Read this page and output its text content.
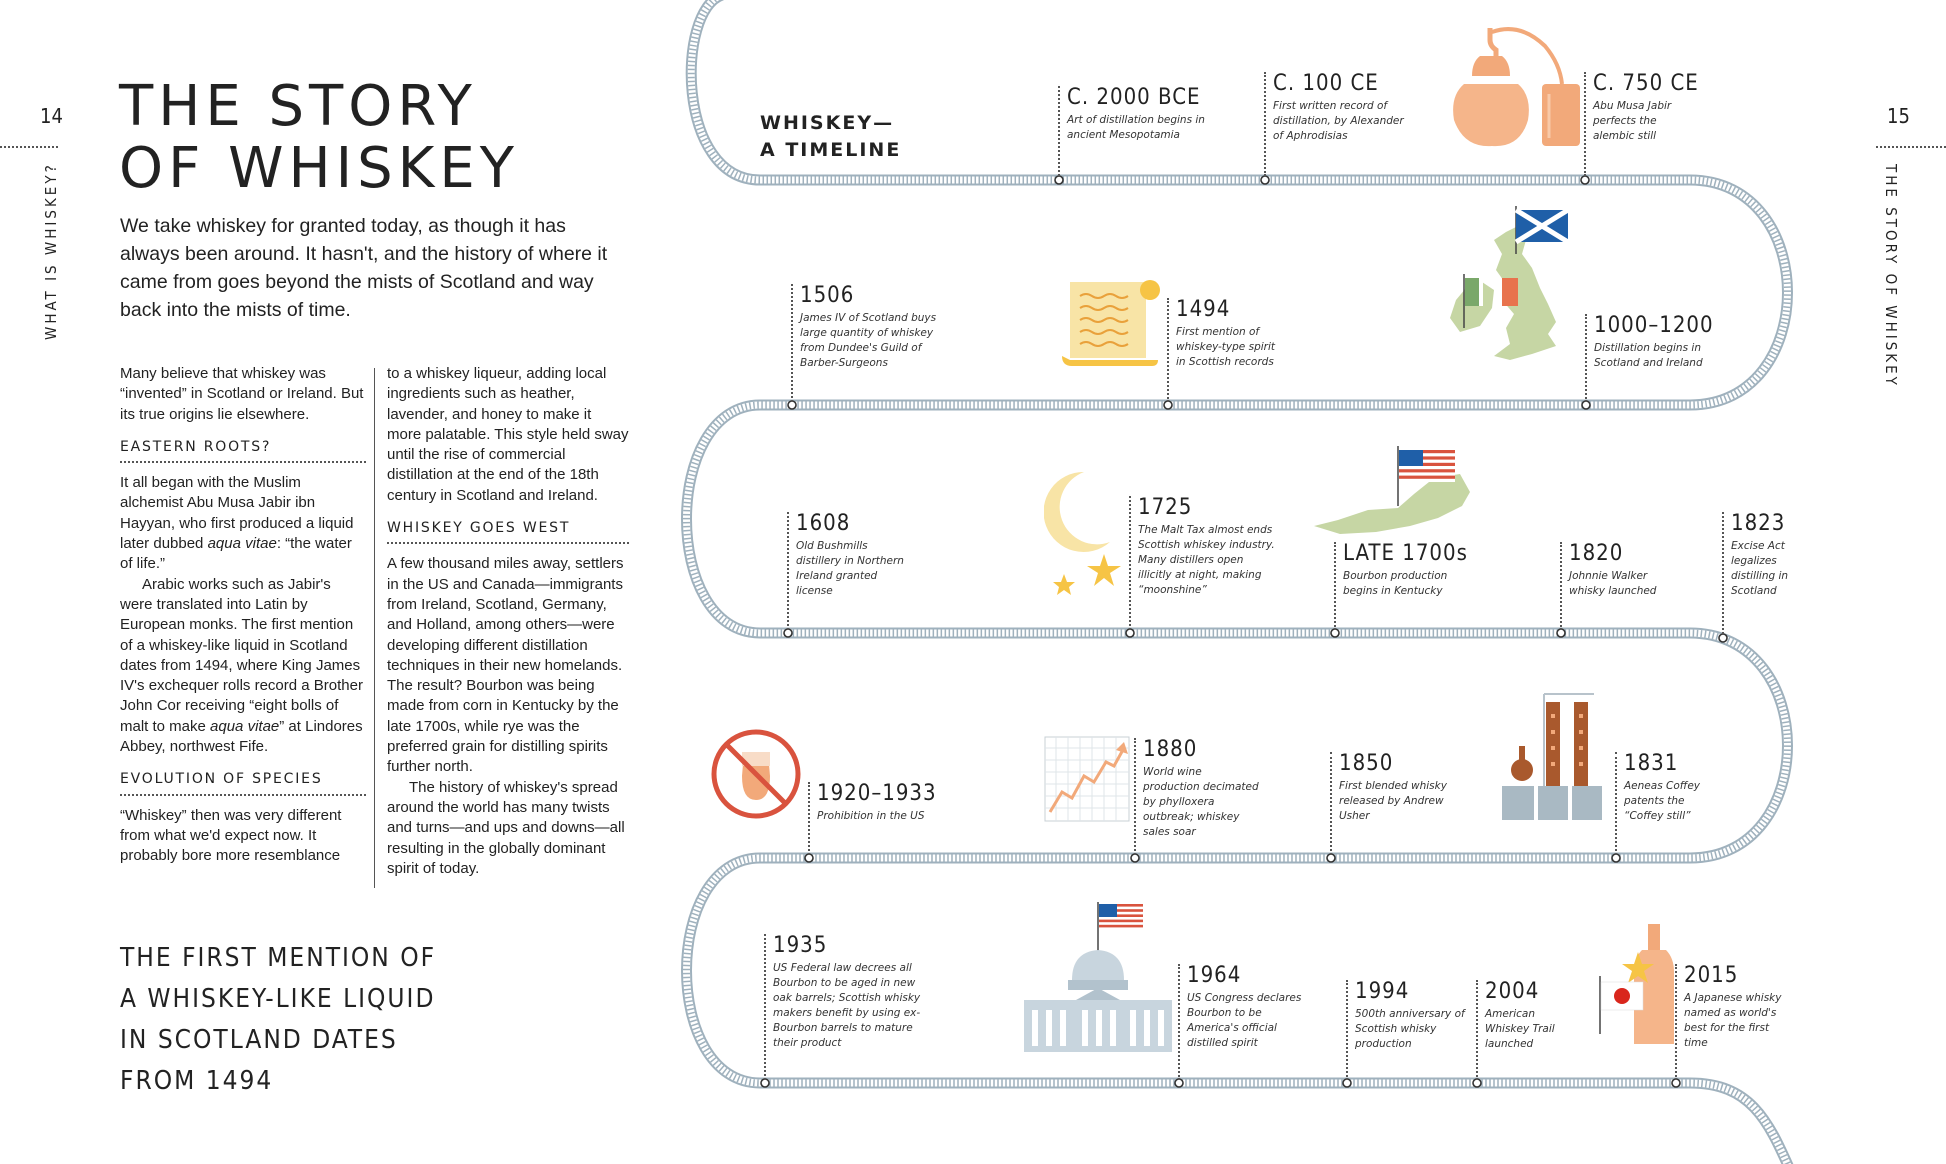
14
WHAT IS WHISKEY?
THE STORY
OF WHISKEY
We take whiskey for granted today, as though it has always been around. It hasn't, and the history of where it came from goes beyond the mists of Scotland and way back into the mists of time.

Many believe that whiskey was “invented” in Scotland or Ireland. But its true origins lie elsewhere.

EASTERN ROOTS?

It all began with the Muslim alchemist Abu Musa Jabir ibn Hayyan, who first produced a liquid later dubbed aqua vitae: “the water of life.”

Arabic works such as Jabir's were translated into Latin by European monks. The first mention of a whiskey-like liquid in Scotland dates from 1494, where King James IV's exchequer rolls record a Brother John Cor receiving “eight bolls of malt to make aqua vitae” at Lindores Abbey, northwest Fife.

EVOLUTION OF SPECIES

“Whiskey” then was very different from what we'd expect now. It probably bore more resemblance

to a whiskey liqueur, adding local ingredients such as heather, lavender, and honey to make it more palatable. This style held sway until the rise of commercial distillation at the end of the 18th century in Scotland and Ireland.

WHISKEY GOES WEST

A few thousand miles away, settlers in the US and Canada—immigrants from Ireland, Scotland, Germany, and Holland, among others—were developing different distillation techniques in their new homelands. The result? Bourbon was being made from corn in Kentucky by the late 1700s, while rye was the preferred grain for distilling spirits further north.

The history of whiskey's spread around the world has many twists and turns—and ups and downs—all resulting in the globally dominant spirit of today.

THE FIRST MENTION OF
A WHISKEY-LIKE LIQUID
IN SCOTLAND DATES
FROM 1494
15
THE STORY OF WHISKEY
WHISKEY—
A TIMELINE
C. 2000 BCE
Art of distillation begins in ancient Mesopotamia
C. 100 CE
First written record of distillation, by Alexander of Aphrodisias
C. 750 CE
Abu Musa Jabir perfects the alembic still
1506
James IV of Scotland buys large quantity of whiskey from Dundee's Guild of Barber-Surgeons
1494
First mention of whiskey-type spirit in Scottish records
1000–1200
Distillation begins in Scotland and Ireland
1608
Old Bushmills distillery in Northern Ireland granted license
1725
The Malt Tax almost ends Scottish whiskey industry. Many distillers open illicitly at night, making “moonshine”
LATE 1700s
Bourbon production begins in Kentucky
1820
Johnnie Walker whisky launched
1823
Excise Act legalizes distilling in Scotland
1920–1933
Prohibition in the US
1880
World wine production decimated by phylloxera outbreak; whiskey sales soar
1850
First blended whisky released by Andrew Usher
1831
Aeneas Coffey patents the “Coffey still”
1935
US Federal law decrees all Bourbon to be aged in new oak barrels; Scottish whisky makers benefit by using ex-Bourbon barrels to mature their product
1964
US Congress declares Bourbon to be America's official distilled spirit
1994
500th anniversary of Scottish whisky production
2004
American Whiskey Trail launched
2015
A Japanese whisky named as world's best for the first time
